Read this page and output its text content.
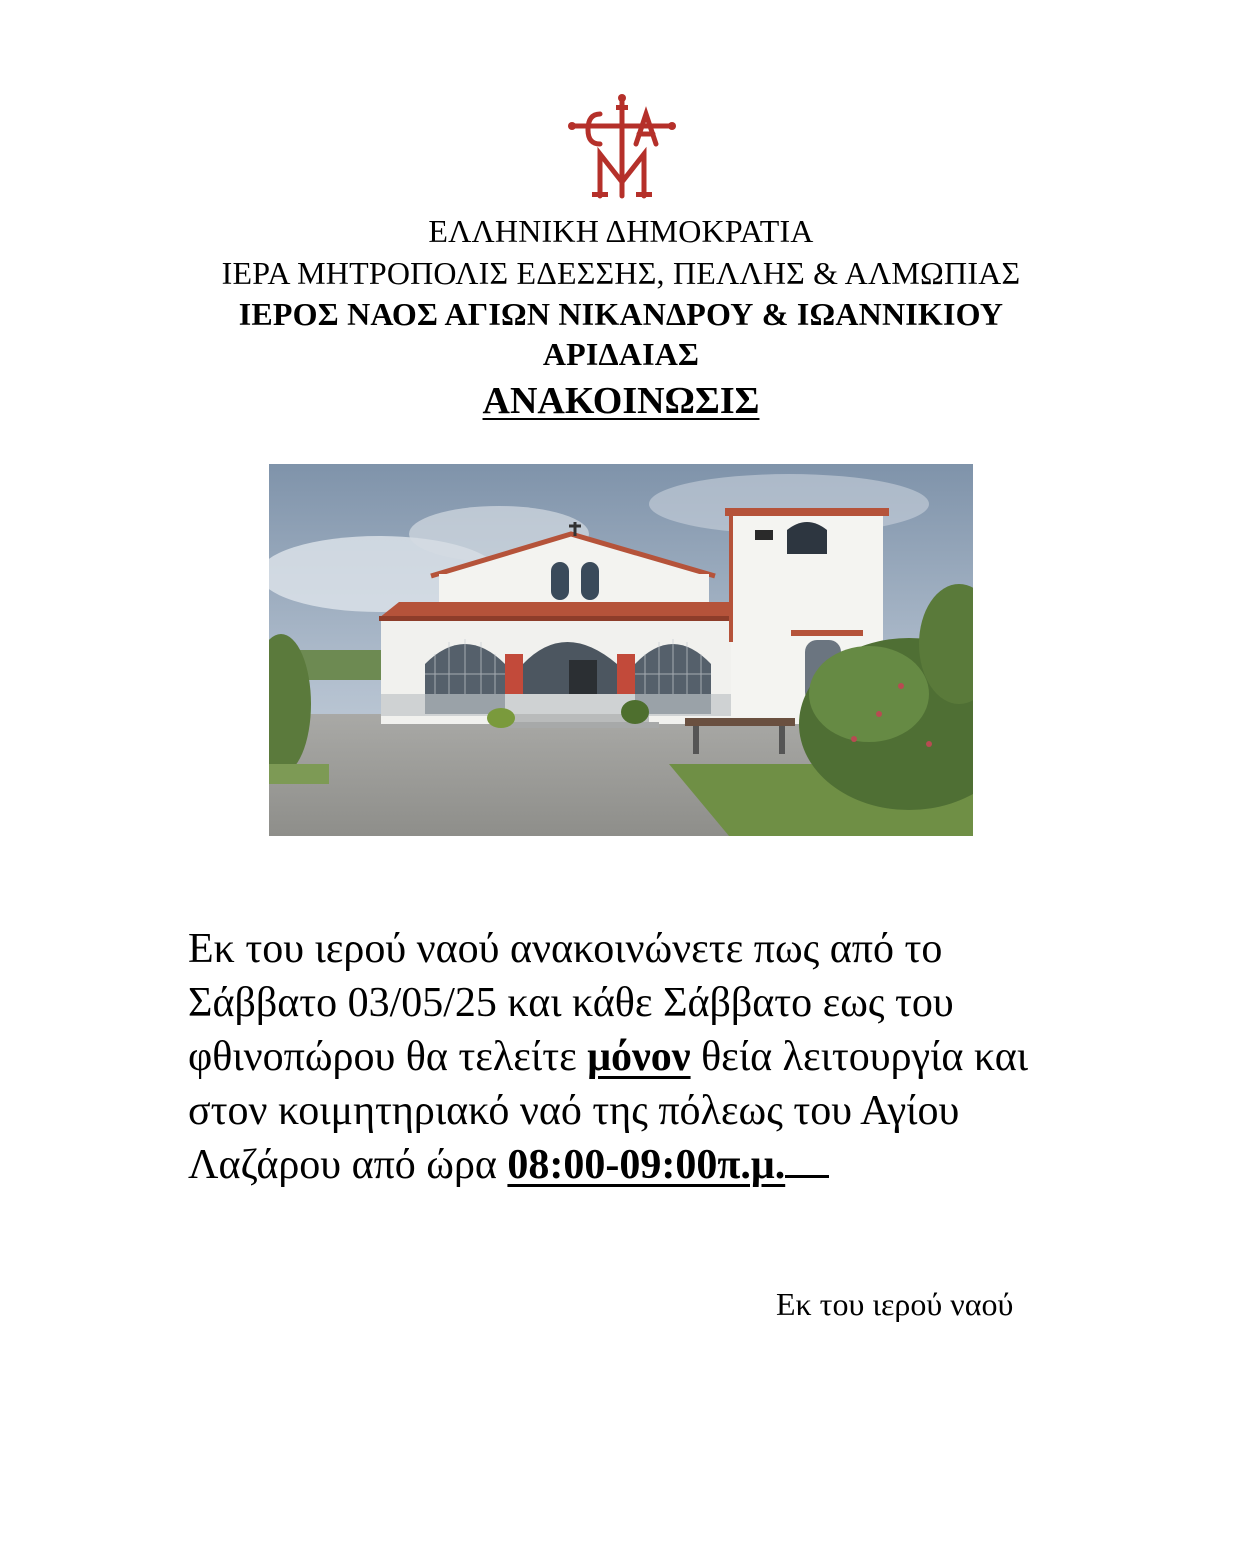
ΕΛΛΗΝΙΚΗ ΔΗΜΟΚΡΑΤΙΑ
ΙΕΡΑ ΜΗΤΡΟΠΟΛΙΣ ΕΔΕΣΣΗΣ, ΠΕΛΛΗΣ & ΑΛΜΩΠΙΑΣ
ΙΕΡΟΣ ΝΑΟΣ ΑΓΙΩΝ ΝΙΚΑΝΔΡΟΥ & ΙΩΑΝΝΙΚΙΟΥ
ΑΡΙΔΑΙΑΣ
ΑΝΑΚΟΙΝΩΣΙΣ
Εκ του ιερού ναού ανακοινώνετε πως από το Σάββατο 03/05/25 και κάθε Σάββατο εως του φθινοπώρου θα τελείτε μόνον θεία λειτουργία και στον κοιμητηριακό ναό της πόλεως του Αγίου Λαζάρου από ώρα 08:00-09:00π.μ.
Εκ του ιερού ναού
